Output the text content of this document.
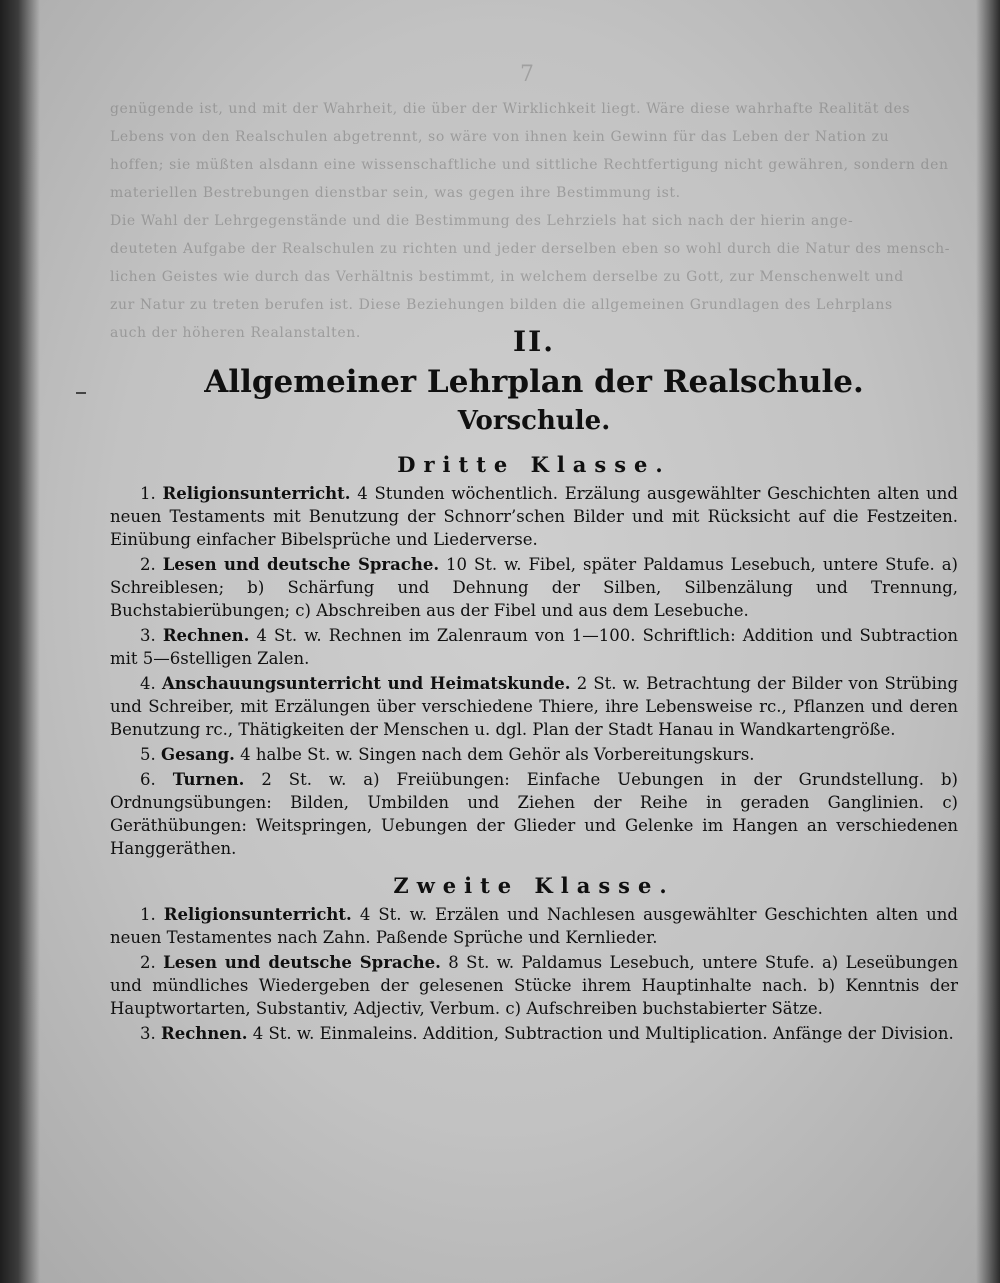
7

genügende ist, und mit der Wahrheit, die über der Wirklichkeit liegt. Wäre diese wahrhafte Realität des

Lebens von den Realschulen abgetrennt, so wäre von ihnen kein Gewinn für das Leben der Nation zu

hoffen; sie müßten alsdann eine wissenschaftliche und sittliche Rechtfertigung nicht gewähren, sondern den

materiellen Bestrebungen dienstbar sein, was gegen ihre Bestimmung ist.

Die Wahl der Lehrgegenstände und die Bestimmung des Lehrziels hat sich nach der hierin ange-

deuteten Aufgabe der Realschulen zu richten und jeder derselben eben so wohl durch die Natur des mensch-

lichen Geistes wie durch das Verhältnis bestimmt, in welchem derselbe zu Gott, zur Menschenwelt und

zur Natur zu treten berufen ist. Diese Beziehungen bilden die allgemeinen Grundlagen des Lehrplans

auch der höheren Realanstalten.	II.
Allgemeiner Lehrplan der Realschule.
Vorschule.
Dritte Klasse.

1. Religionsunterricht. 4 Stunden wöchentlich. Erzälung ausgewählter Geschichten alten und neuen Testaments mit Benutzung der Schnorr’schen Bilder und mit Rücksicht auf die Festzeiten. Einübung einfacher Bibelsprüche und Liederverse.

2. Lesen und deutsche Sprache. 10 St. w. Fibel, später Paldamus Lesebuch, untere Stufe. a) Schreiblesen; b) Schärfung und Dehnung der Silben, Silbenzälung und Trennung, Buchstabierübungen; c) Abschreiben aus der Fibel und aus dem Lesebuche.

3. Rechnen. 4 St. w. Rechnen im Zalenraum von 1—100. Schriftlich: Addition und Subtraction mit 5—6stelligen Zalen.

4. Anschauungsunterricht und Heimatskunde. 2 St. w. Betrachtung der Bilder von Strübing und Schreiber, mit Erzälungen über verschiedene Thiere, ihre Lebensweise rc., Pflanzen und deren Benutzung rc., Thätigkeiten der Menschen u. dgl. Plan der Stadt Hanau in Wandkartengröße.

5. Gesang. 4 halbe St. w. Singen nach dem Gehör als Vorbereitungskurs.

6. Turnen. 2 St. w. a) Freiübungen: Einfache Uebungen in der Grundstellung. b) Ordnungsübungen: Bilden, Umbilden und Ziehen der Reihe in geraden Ganglinien. c) Geräthübungen: Weitspringen, Uebungen der Glieder und Gelenke im Hangen an verschiedenen Hanggeräthen.

Zweite Klasse.

1. Religionsunterricht. 4 St. w. Erzälen und Nachlesen ausgewählter Geschichten alten und neuen Testamentes nach Zahn. Paßende Sprüche und Kernlieder.

2. Lesen und deutsche Sprache. 8 St. w. Paldamus Lesebuch, untere Stufe. a) Leseübungen und mündliches Wiedergeben der gelesenen Stücke ihrem Hauptinhalte nach. b) Kenntnis der Hauptwortarten, Substantiv, Adjectiv, Verbum. c) Aufschreiben buchstabierter Sätze.

3. Rechnen. 4 St. w. Einmaleins. Addition, Subtraction und Multiplication. Anfänge der Division.
